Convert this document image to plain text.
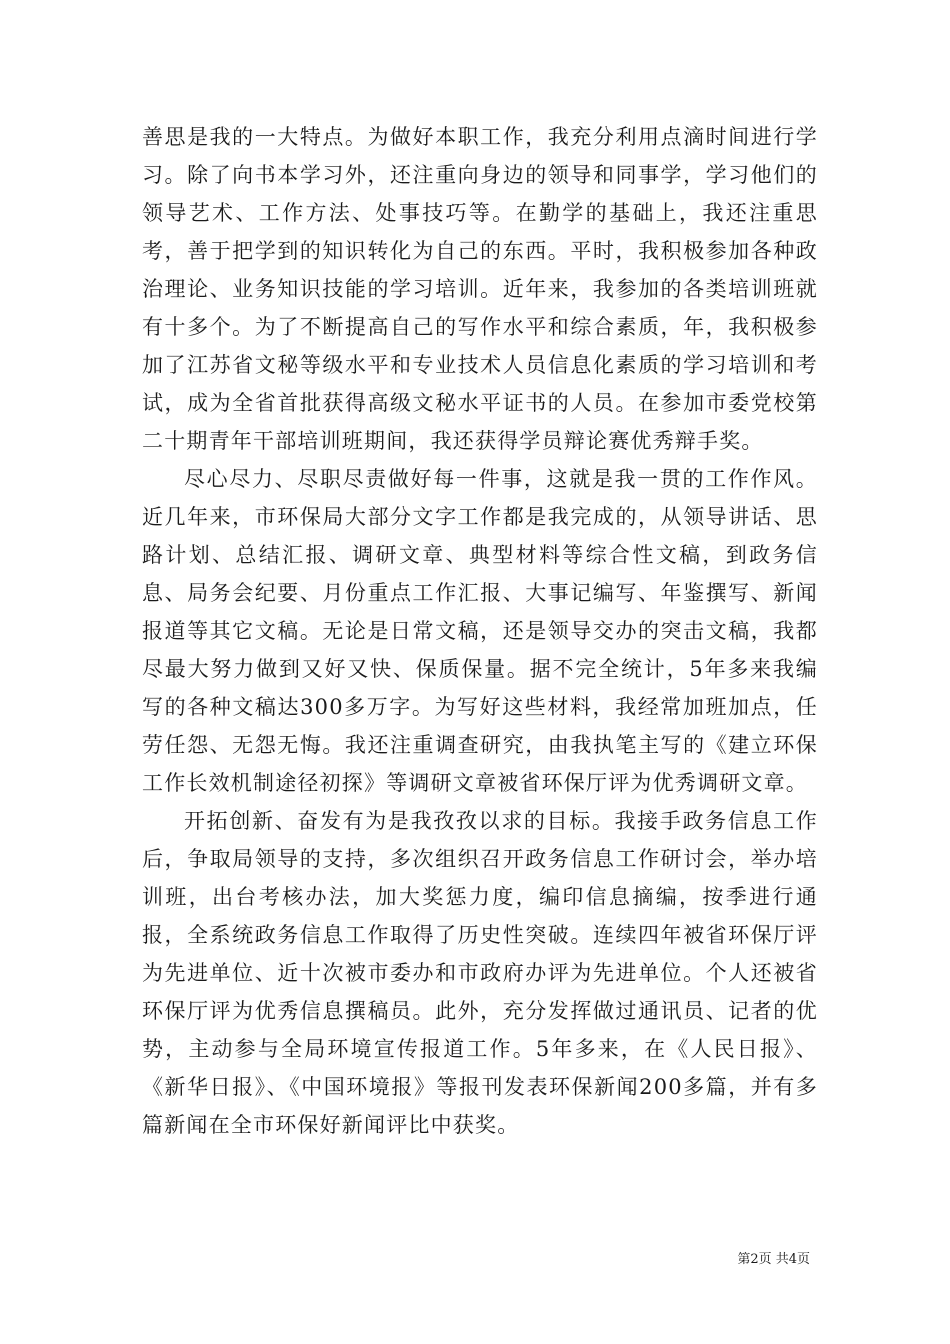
善思是我的一大特点。为做好本职工作，我充分利用点滴时间进行学习。除了向书本学习外，还注重向身边的领导和同事学，学习他们的领导艺术、工作方法、处事技巧等。在勤学的基础上，我还注重思考，善于把学到的知识转化为自己的东西。平时，我积极参加各种政治理论、业务知识技能的学习培训。近年来，我参加的各类培训班就有十多个。为了不断提高自己的写作水平和综合素质，年，我积极参加了江苏省文秘等级水平和专业技术人员信息化素质的学习培训和考试，成为全省首批获得高级文秘水平证书的人员。在参加市委党校第二十期青年干部培训班期间，我还获得学员辩论赛优秀辩手奖。

尽心尽力、尽职尽责做好每一件事，这就是我一贯的工作作风。近几年来，市环保局大部分文字工作都是我完成的，从领导讲话、思路计划、总结汇报、调研文章、典型材料等综合性文稿，到政务信息、局务会纪要、月份重点工作汇报、大事记编写、年鉴撰写、新闻报道等其它文稿。无论是日常文稿，还是领导交办的突击文稿，我都尽最大努力做到又好又快、保质保量。据不完全统计，5年多来我编写的各种文稿达300多万字。为写好这些材料，我经常加班加点，任劳任怨、无怨无悔。我还注重调查研究，由我执笔主写的《建立环保工作长效机制途径初探》等调研文章被省环保厅评为优秀调研文章。

开拓创新、奋发有为是我孜孜以求的目标。我接手政务信息工作后，争取局领导的支持，多次组织召开政务信息工作研讨会，举办培训班，出台考核办法，加大奖惩力度，编印信息摘编，按季进行通报，全系统政务信息工作取得了历史性突破。连续四年被省环保厅评为先进单位、近十次被市委办和市政府办评为先进单位。个人还被省环保厅评为优秀信息撰稿员。此外，充分发挥做过通讯员、记者的优势，主动参与全局环境宣传报道工作。5年多来，在《人民日报》、《新华日报》、《中国环境报》等报刊发表环保新闻200多篇，并有多篇新闻在全市环保好新闻评比中获奖。

第2页 共4页
